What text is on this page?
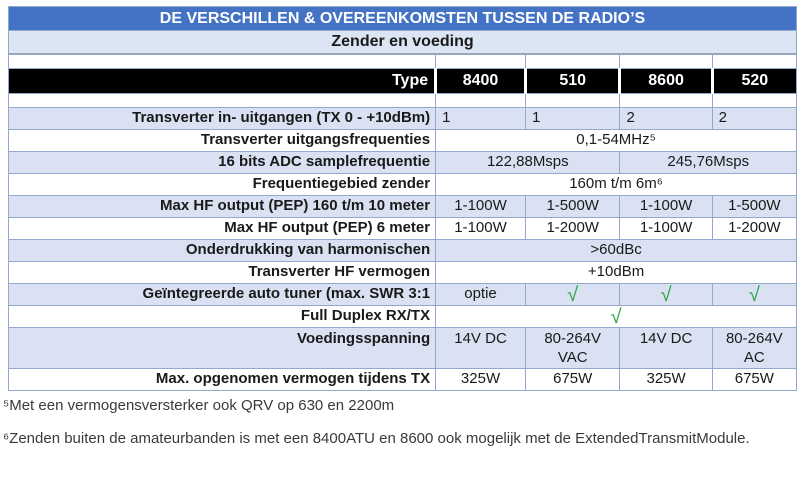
DE VERSCHILLEN & OVEREENKOMSTEN TUSSEN DE RADIO’S				
Zender en voeding				

Type	8400	510	8600	520

Transverter in- uitgangen (TX 0 - +10dBm)	1	1	2	2
Transverter uitgangsfrequenties	0,1-54MHz⁵			
16 bits ADC samplefrequentie	122,88Msps		245,76Msps	
Frequentiegebied zender	160m t/m 6m⁶			
Max HF output (PEP) 160 t/m 10 meter	1-100W	1-500W	1-100W	1-500W
Max HF output (PEP) 6 meter	1-100W	1-200W	1-100W	1-200W
Onderdrukking van harmonischen	>60dBc			
Transverter HF vermogen	+10dBm			
Geïntegreerde auto tuner (max. SWR 3:1	optie	√	√	√
Full Duplex RX/TX	√			
Voedingsspanning	14V DC	80-264V VAC	14V DC	80-264V AC
Max. opgenomen vermogen tijdens TX	325W	675W	325W	675W

⁵Met een vermogensversterker ook QRV op 630 en 2200m

⁶Zenden buiten de amateurbanden is met een 8400ATU en 8600 ook mogelijk met de ExtendedTransmitModule.
